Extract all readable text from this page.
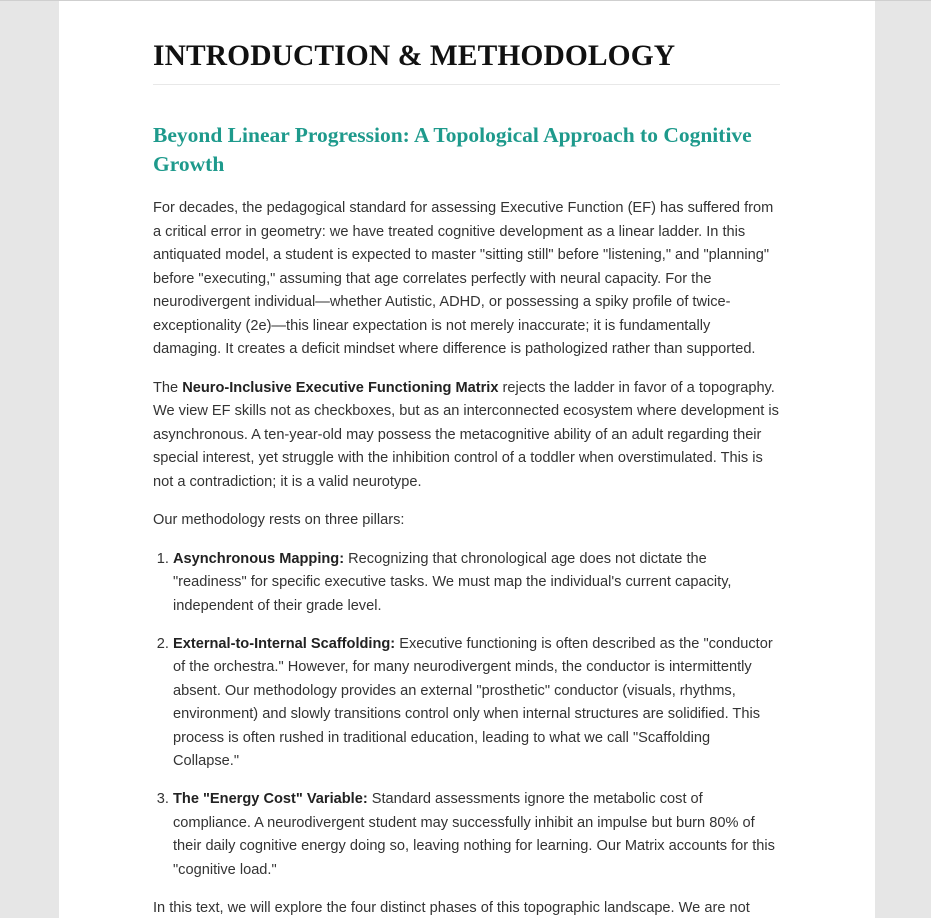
INTRODUCTION & METHODOLOGY
Beyond Linear Progression: A Topological Approach to Cognitive Growth

For decades, the pedagogical standard for assessing Executive Function (EF) has suffered from a critical error in geometry: we have treated cognitive development as a linear ladder. In this antiquated model, a student is expected to master "sitting still" before "listening," and "planning" before "executing," assuming that age correlates perfectly with neural capacity. For the neurodivergent individual—whether Autistic, ADHD, or possessing a spiky profile of twice-exceptionality (2e)—this linear expectation is not merely inaccurate; it is fundamentally damaging. It creates a deficit mindset where difference is pathologized rather than supported.

The Neuro-Inclusive Executive Functioning Matrix rejects the ladder in favor of a topography. We view EF skills not as checkboxes, but as an interconnected ecosystem where development is asynchronous. A ten-year-old may possess the metacognitive ability of an adult regarding their special interest, yet struggle with the inhibition control of a toddler when overstimulated. This is not a contradiction; it is a valid neurotype.

Our methodology rests on three pillars:

1. Asynchronous Mapping: Recognizing that chronological age does not dictate the "readiness" for specific executive tasks. We must map the individual's current capacity, independent of their grade level.
2. External-to-Internal Scaffolding: Executive functioning is often described as the "conductor of the orchestra." However, for many neurodivergent minds, the conductor is intermittently absent. Our methodology provides an external "prosthetic" conductor (visuals, rhythms, environment) and slowly transitions control only when internal structures are solidified. This process is often rushed in traditional education, leading to what we call "Scaffolding Collapse."
3. The "Energy Cost" Variable: Standard assessments ignore the metabolic cost of compliance. A neurodivergent student may successfully inhibit an impulse but burn 80% of their daily cognitive energy doing so, leaving nothing for learning. Our Matrix accounts for this "cognitive load."

In this text, we will explore the four distinct phases of this topographic landscape. We are not
